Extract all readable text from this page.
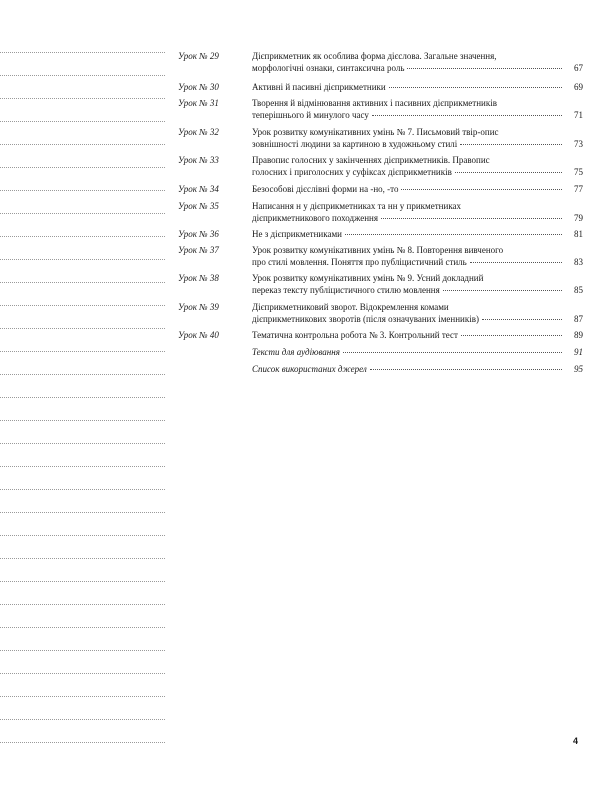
Урок № 29	Дієприкметник як особлива форма дієслова. Загальне значення,
морфологічні ознаки, синтаксична роль	67
Урок № 30	Активні й пасивні дієприкметники	69
Урок № 31	Творення й відмінювання активних і пасивних дієприкметників
теперішнього й минулого часу	71
Урок № 32	Урок розвитку комунікативних умінь № 7. Письмовий твір-опис
зовнішності людини за картиною в художньому стилі	73
Урок № 33	Правопис голосних у закінченнях дієприкметників. Правопис
голосних і приголосних у суфіксах дієприкметників	75
Урок № 34	Безособові дієслівні форми на -но, -то	77
Урок № 35	Написання н у дієприкметниках та нн у прикметниках
дієприкметникового походження	79
Урок № 36	Не з дієприкметниками	81
Урок № 37	Урок розвитку комунікативних умінь № 8. Повторення вивченого
про стилі мовлення. Поняття про публіцистичний стиль	83
Урок № 38	Урок розвитку комунікативних умінь № 9. Усний докладний
переказ тексту публіцистичного стилю мовлення	85
Урок № 39	Дієприкметниковий зворот. Відокремлення комами
дієприкметникових зворотів (після означуваних іменників)	87
Урок № 40	Тематична контрольна робота № 3. Контрольний тест	89
Тексти для аудіювання	91
Список використаних джерел	95
4
